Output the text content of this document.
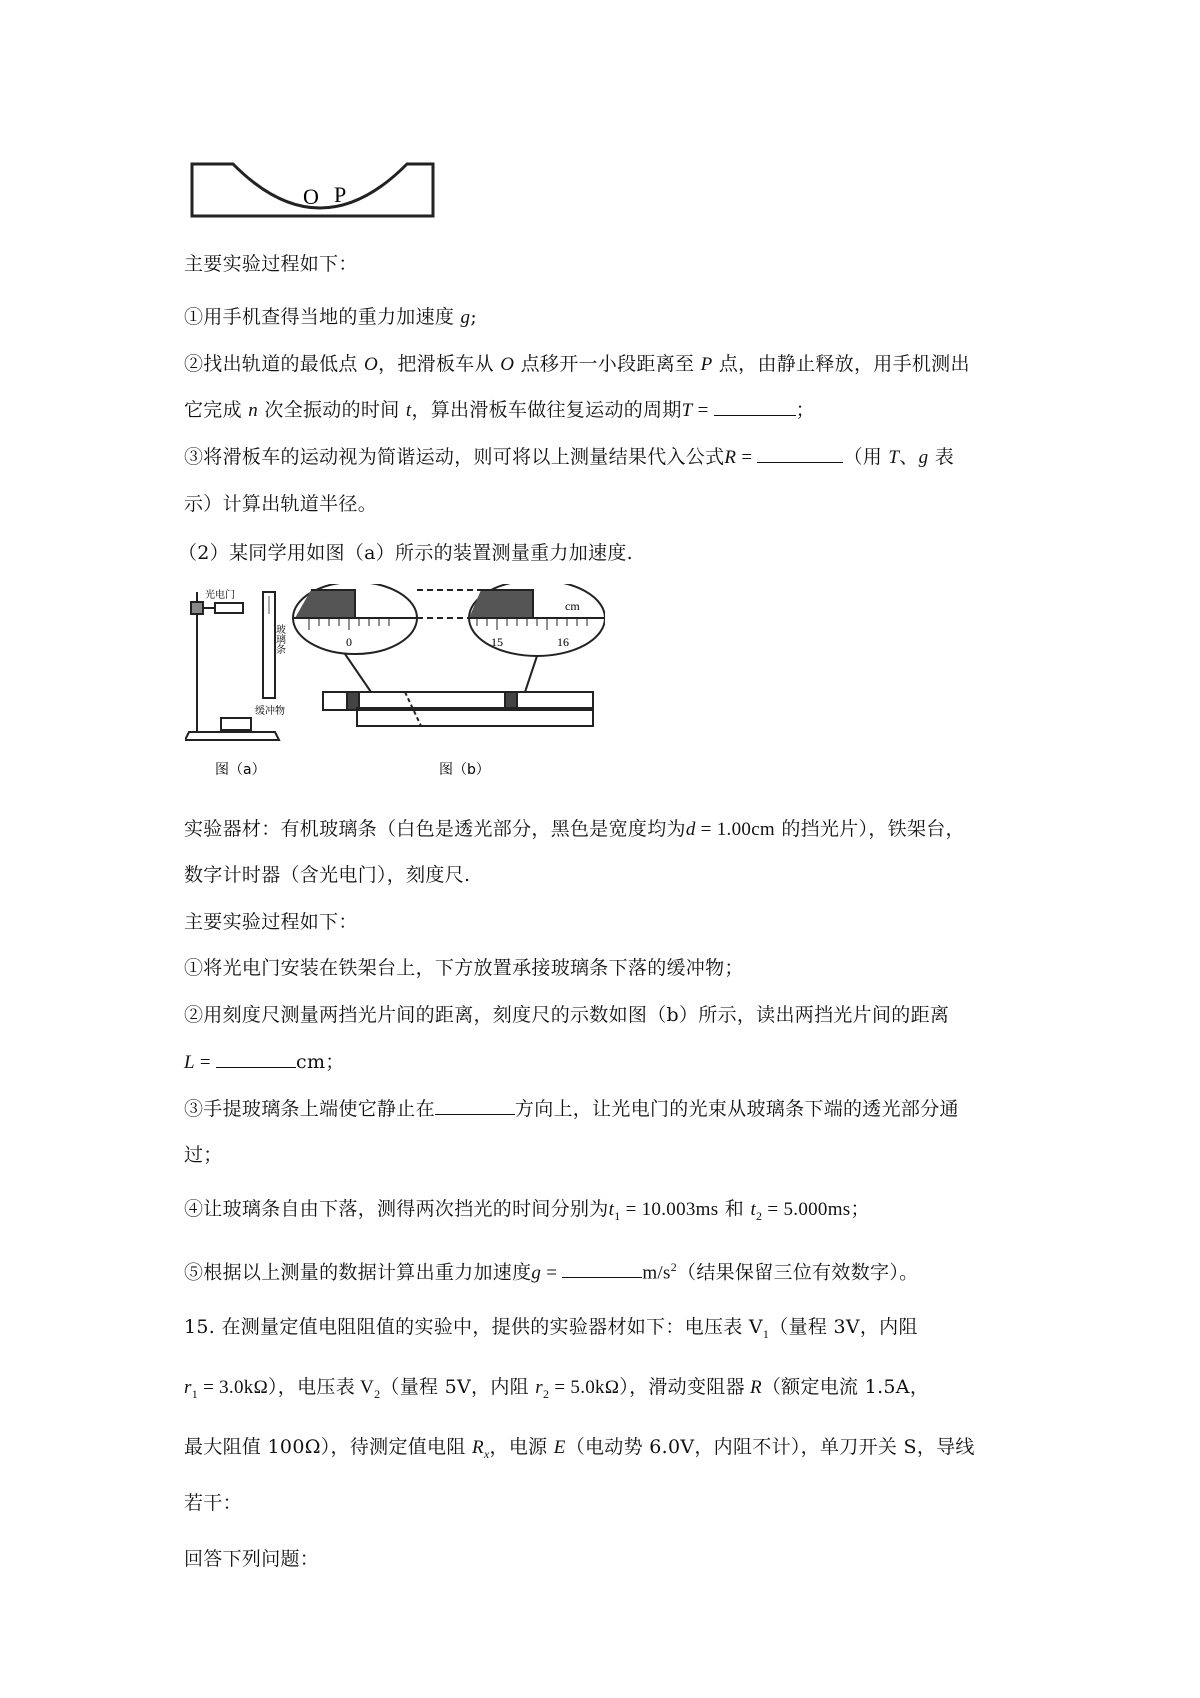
O P
主要实验过程如下：
①用手机查得当地的重力加速度 g;
②找出轨道的最低点 O，把滑板车从 O 点移开一小段距离至 P 点，由静止释放，用手机测出
它完成 n 次全振动的时间 t，算出滑板车做往复运动的周期T =	；
③将滑板车的运动视为简谐运动，则可将以上测量结果代入公式R =	（用 T、g 表
示）计算出轨道半径。
（2）某同学用如图（a）所示的装置测量重力加速度.
光电门
玻璃条
缓冲物
图（a）
0	15	16
cm
图（b）
实验器材：有机玻璃条（白色是透光部分，黑色是宽度均为d = 1.00cm 的挡光片），铁架台，
数字计时器（含光电门），刻度尺.
主要实验过程如下：
①将光电门安装在铁架台上，下方放置承接玻璃条下落的缓冲物；
②用刻度尺测量两挡光片间的距离，刻度尺的示数如图（b）所示，读出两挡光片间的距离
L =	cm；
③手提玻璃条上端使它静止在	方向上，让光电门的光束从玻璃条下端的透光部分通
过；
④让玻璃条自由下落，测得两次挡光的时间分别为$t_1 = 10.003ms$ 和 $t_2 = 5.000ms$；
⑤根据以上测量的数据计算出重力加速度g =	$m/s^2$（结果保留三位有效数字）。
15. 在测量定值电阻阻值的实验中，提供的实验器材如下：电压表 $V_1$（量程 3V，内阻
$r_1 = 3.0k\Omega$），电压表 $V_2$（量程 5V，内阻 $r_2 = 5.0k\Omega$），滑动变阻器 R（额定电流 1.5A，
最大阻值 100Ω），待测定值电阻 $R_x$，电源 E（电动势 6.0V，内阻不计），单刀开关 S，导线
若干：
回答下列问题：
